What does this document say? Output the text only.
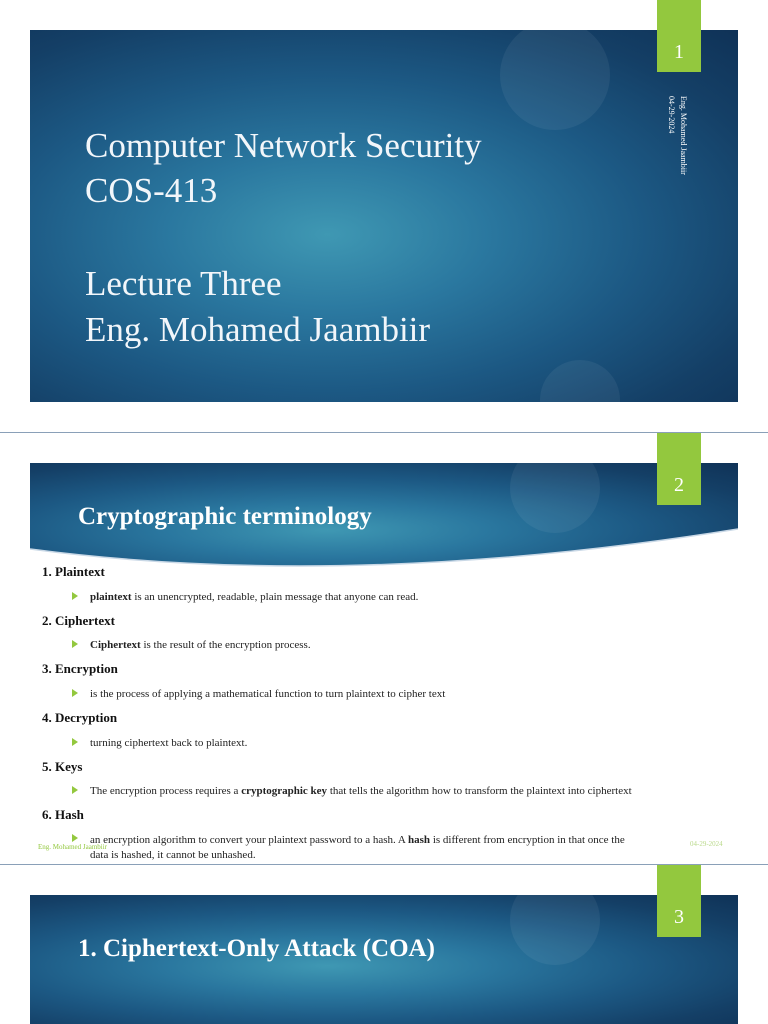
1
Computer Network Security
COS-413
Lecture Three
Eng. Mohamed Jaambiir
Eng. Mohamed Jaambiir
04-29-2024
2
Cryptographic terminology
1. Plaintext
plaintext is an unencrypted, readable, plain message that anyone can read.
2. Ciphertext
Ciphertext is the result of the encryption process.
3. Encryption
is the process of applying a mathematical function to turn plaintext to cipher text
4. Decryption
turning ciphertext back to plaintext.
5. Keys
The encryption process requires a cryptographic key that tells the algorithm how to transform the plaintext into ciphertext
6. Hash
an encryption algorithm to convert your plaintext password to a hash. A hash is different from encryption in that once the
data is hashed, it cannot be unhashed.
Eng. Mohamed Jaambiir	04-29-2024
3
1. Ciphertext-Only Attack (COA)
